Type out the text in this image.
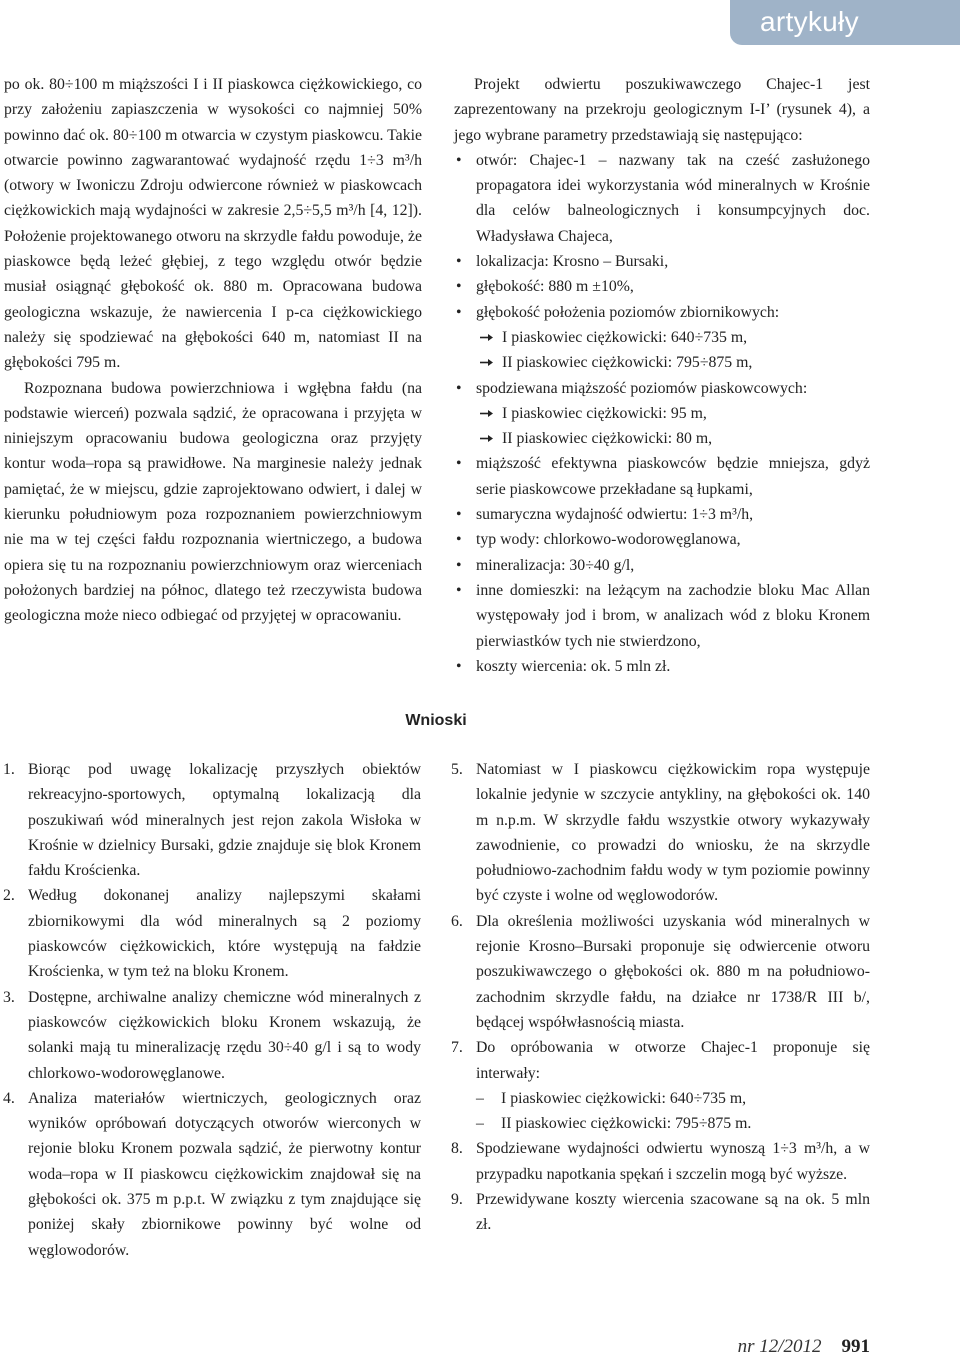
artykuły

po ok. 80÷100 m miąższości I i II piaskowca ciężkowickiego, co przy założeniu zapiaszczenia w wysokości co najmniej 50% powinno dać ok. 80÷100 m otwarcia w czystym piaskowcu. Takie otwarcie powinno zagwarantować wydajność rzędu 1÷3 m³/h (otwory w Iwoniczu Zdroju odwiercone również w piaskowcach ciężkowickich mają wydajności w zakresie 2,5÷5,5 m³/h [4, 12]). Położenie projektowanego otworu na skrzydle fałdu powoduje, że piaskowce będą leżeć głębiej, z tego względu otwór będzie musiał osiągnąć głębokość ok. 880 m. Opracowana budowa geologiczna wskazuje, że nawiercenia I p-ca ciężkowickiego należy się spodziewać na głębokości 640 m, natomiast II na głębokości 795 m.

Rozpoznana budowa powierzchniowa i wgłębna fałdu (na podstawie wierceń) pozwala sądzić, że opracowana i przyjęta w niniejszym opracowaniu budowa geologiczna oraz przyjęty kontur woda–ropa są prawidłowe. Na marginesie należy jednak pamiętać, że w miejscu, gdzie zaprojektowano odwiert, i dalej w kierunku południowym poza rozpoznaniem powierzchniowym nie ma w tej części fałdu rozpoznania wiertniczego, a budowa opiera się tu na rozpoznaniu powierzchniowym oraz wierceniach położonych bardziej na północ, dlatego też rzeczywista budowa geologiczna może nieco odbiegać od przyjętej w opracowaniu.

Projekt odwiertu poszukiwawczego Chajec-1 jest zaprezentowany na przekroju geologicznym I-I’ (rysunek 4), a jego wybrane parametry przedstawiają się następująco:

• otwór: Chajec-1 – nazwany tak na cześć zasłużonego propagatora idei wykorzystania wód mineralnych w Krośnie dla celów balneologicznych i konsumpcyjnych doc. Władysława Chajeca,
• lokalizacja: Krosno – Bursaki,
• głębokość: 880 m ±10%,
• głębokość położenia poziomów zbiornikowych:
I piaskowiec ciężkowicki: 640÷735 m,
II piaskowiec ciężkowicki: 795÷875 m,
• spodziewana miąższość poziomów piaskowcowych:
I piaskowiec ciężkowicki: 95 m,
II piaskowiec ciężkowicki: 80 m,
• miąższość efektywna piaskowców będzie mniejsza, gdyż serie piaskowcowe przekładane są łupkami,
• sumaryczna wydajność odwiertu: 1÷3 m³/h,
• typ wody: chlorkowo-wodorowęglanowa,
• mineralizacja: 30÷40 g/l,
• inne domieszki: na leżącym na zachodzie bloku Mac Allan występowały jod i brom, w analizach wód z bloku Kronem pierwiastków tych nie stwierdzono,
• koszty wiercenia: ok. 5 mln zł.
Wnioski
1. Biorąc pod uwagę lokalizację przyszłych obiektów rekreacyjno-sportowych, optymalną lokalizacją dla poszukiwań wód mineralnych jest rejon zakola Wisłoka w Krośnie w dzielnicy Bursaki, gdzie znajduje się blok Kronem fałdu Krościenka.
2. Według dokonanej analizy najlepszymi skałami zbiornikowymi dla wód mineralnych są 2 poziomy piaskowców ciężkowickich, które występują na fałdzie Krościenka, w tym też na bloku Kronem.
3. Dostępne, archiwalne analizy chemiczne wód mineralnych z piaskowców ciężkowickich bloku Kronem wskazują, że solanki mają tu mineralizację rzędu 30÷40 g/l i są to wody chlorkowo-wodorowęglanowe.
4. Analiza materiałów wiertniczych, geologicznych oraz wyników opróbowań dotyczących otworów wierconych w rejonie bloku Kronem pozwala sądzić, że pierwotny kontur woda–ropa w II piaskowcu ciężkowickim znajdował się na głębokości ok. 375 m p.p.t. W związku z tym znajdujące się poniżej skały zbiornikowe powinny być wolne od węglowodorów.
5. Natomiast w I piaskowcu ciężkowickim ropa występuje lokalnie jedynie w szczycie antykliny, na głębokości ok. 140 m n.p.m. W skrzydle fałdu wszystkie otwory wykazywały zawodnienie, co prowadzi do wniosku, że na skrzydle południowo-zachodnim fałdu wody w tym poziomie powinny być czyste i wolne od węglowodorów.
6. Dla określenia możliwości uzyskania wód mineralnych w rejonie Krosno–Bursaki proponuje się odwiercenie otworu poszukiwawczego o głębokości ok. 880 m na południowo-zachodnim skrzydle fałdu, na działce nr 1738/R III b/, będącej współwłasnością miasta.
7. Do opróbowania w otworze Chajec-1 proponuje się interwały:
– I piaskowiec ciężkowicki: 640÷735 m,
– II piaskowiec ciężkowicki: 795÷875 m.
8. Spodziewane wydajności odwiertu wynoszą 1÷3 m³/h, a w przypadku napotkania spękań i szczelin mogą być wyższe.
9. Przewidywane koszty wiercenia szacowane są na ok. 5 mln zł.
nr 12/2012 991
